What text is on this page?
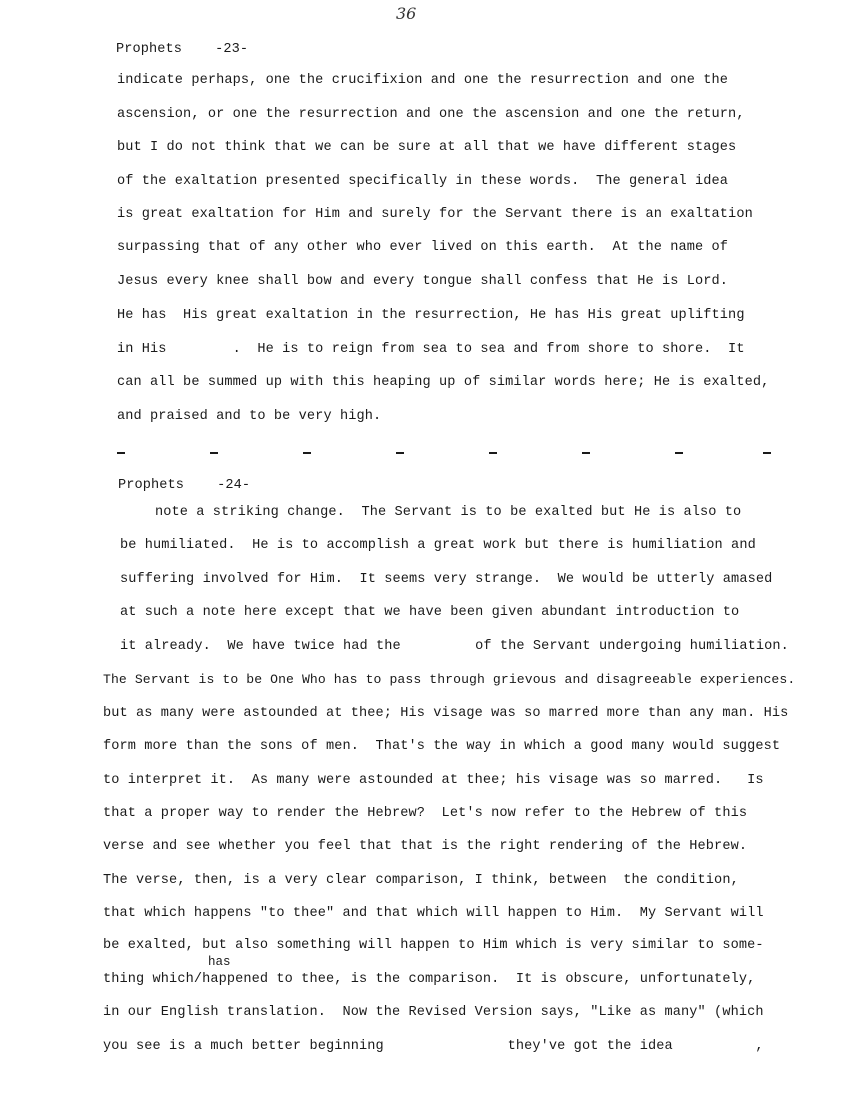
36
Prophets    -23-
indicate perhaps, one the crucifixion and one the resurrection and one the
ascension, or one the resurrection and one the ascension and one the return,
but I do not think that we can be sure at all that we have different stages
of the exaltation presented specifically in these words.  The general idea
is great exaltation for Him and surely for the Servant there is an exaltation
surpassing that of any other who ever lived on this earth.  At the name of
Jesus every knee shall bow and every tongue shall confess that He is Lord.
He has  His great exaltation in the resurrection, He has His great uplifting
in His        .  He is to reign from sea to sea and from shore to shore.  It
can all be summed up with this heaping up of similar words here; He is exalted,
and praised and to be very high.
Prophets    -24-
note a striking change.  The Servant is to be exalted but He is also to
be humiliated.  He is to accomplish a great work but there is humiliation and
suffering involved for Him.  It seems very strange.  We would be utterly amased
at such a note here except that we have been given abundant introduction to
it already.  We have twice had the         of the Servant undergoing humiliation.
The Servant is to be One Who has to pass through grievous and disagreeable experiences.
but as many were astounded at thee; His visage was so marred more than any man. His
form more than the sons of men.  That's the way in which a good many would suggest
to interpret it.  As many were astounded at thee; his visage was so marred.   Is
that a proper way to render the Hebrew?  Let's now refer to the Hebrew of this
verse and see whether you feel that that is the right rendering of the Hebrew.
The verse, then, is a very clear comparison, I think, between  the condition,
that which happens "to thee" and that which will happen to Him.  My Servant will
be exalted, but also something will happen to Him which is very similar to some-
has
thing which/happened to thee, is the comparison.  It is obscure, unfortunately,
in our English translation.  Now the Revised Version says, "Like as many" (which
you see is a much better beginning               they've got the idea          ,
